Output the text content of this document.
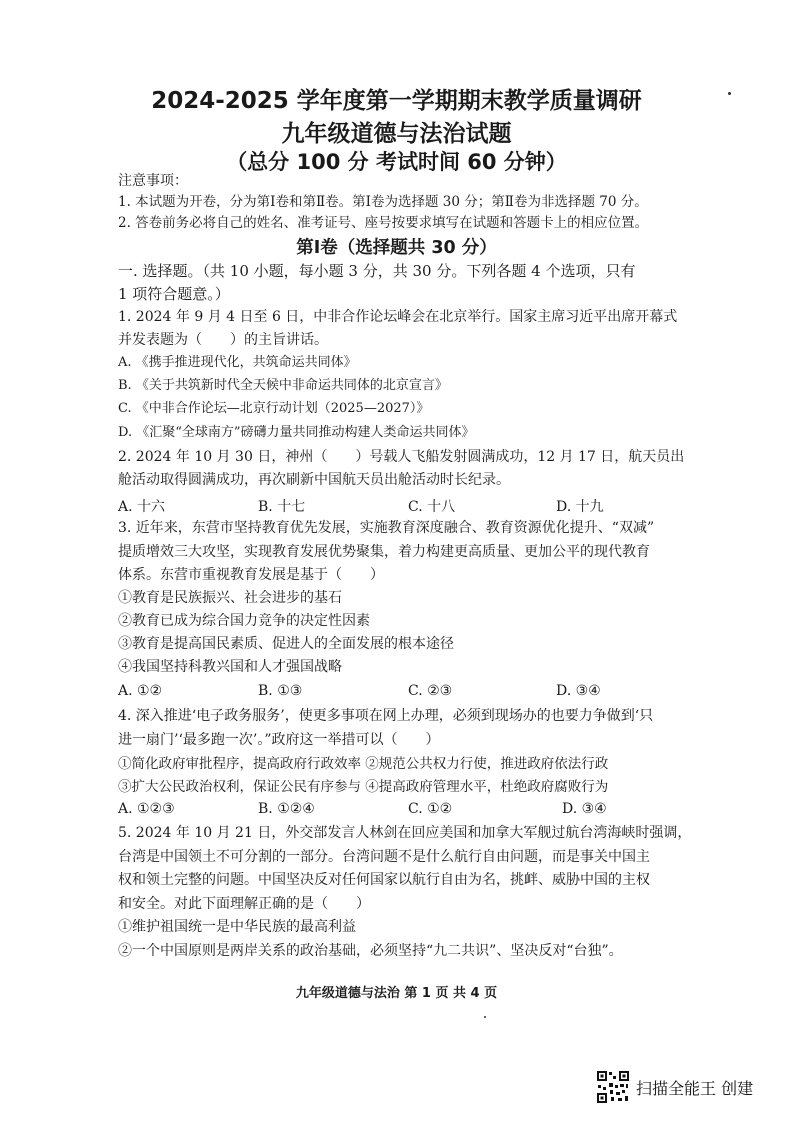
2024-2025 学年度第一学期期末教学质量调研
九年级道德与法治试题
（总分 100 分 考试时间 60 分钟）
注意事项：
1. 本试题为开卷，分为第Ⅰ卷和第Ⅱ卷。第Ⅰ卷为选择题 30 分；第Ⅱ卷为非选择题 70 分。
2. 答卷前务必将自己的姓名、准考证号、座号按要求填写在试题和答题卡上的相应位置。
第Ⅰ卷（选择题共 30 分）
一. 选择题。（共 10 小题，每小题 3 分，共 30 分。下列各题 4 个选项，只有
1 项符合题意。）
1. 2024 年 9 月 4 日至 6 日，中非合作论坛峰会在北京举行。国家主席习近平出席开幕式
并发表题为（　　）的主旨讲话。
A. 《携手推进现代化，共筑命运共同体》
B. 《关于共筑新时代全天候中非命运共同体的北京宣言》
C. 《中非合作论坛—北京行动计划（2025—2027）》
D. 《汇聚“全球南方”磅礴力量共同推动构建人类命运共同体》
2. 2024 年 10 月 30 日，神州（　　）号载人飞船发射圆满成功，12 月 17 日，航天员出
舱活动取得圆满成功，再次刷新中国航天员出舱活动时长纪录。
A. 十六	B. 十七	C. 十八	D. 十九
3. 近年来，东营市坚持教育优先发展，实施教育深度融合、教育资源优化提升、“双减”
提质增效三大攻坚，实现教育发展优势聚集，着力构建更高质量、更加公平的现代教育
体系。东营市重视教育发展是基于（　　）
①教育是民族振兴、社会进步的基石
②教育已成为综合国力竞争的决定性因素
③教育是提高国民素质、促进人的全面发展的根本途径
④我国坚持科教兴国和人才强国战略
A. ①②	B. ①③	C. ②③	D. ③④
4. 深入推进‘电子政务服务’，使更多事项在网上办理，必须到现场办的也要力争做到‘只
进一扇门’‘最多跑一次’。”政府这一举措可以（　　）
①简化政府审批程序，提高政府行政效率 ②规范公共权力行使，推进政府依法行政
③扩大公民政治权利，保证公民有序参与 ④提高政府管理水平，杜绝政府腐败行为
A. ①②③	B. ①②④	C. ①②	D. ③④
5. 2024 年 10 月 21 日，外交部发言人林剑在回应美国和加拿大军舰过航台湾海峡时强调，
台湾是中国领土不可分割的一部分。台湾问题不是什么航行自由问题，而是事关中国主
权和领土完整的问题。中国坚决反对任何国家以航行自由为名，挑衅、威胁中国的主权
和安全。对此下面理解正确的是（　　）
①维护祖国统一是中华民族的最高利益
②一个中国原则是两岸关系的政治基础，必须坚持“九二共识”、坚决反对“台独”。
九年级道德与法治 第 1 页 共 4 页
扫描全能王 创建
